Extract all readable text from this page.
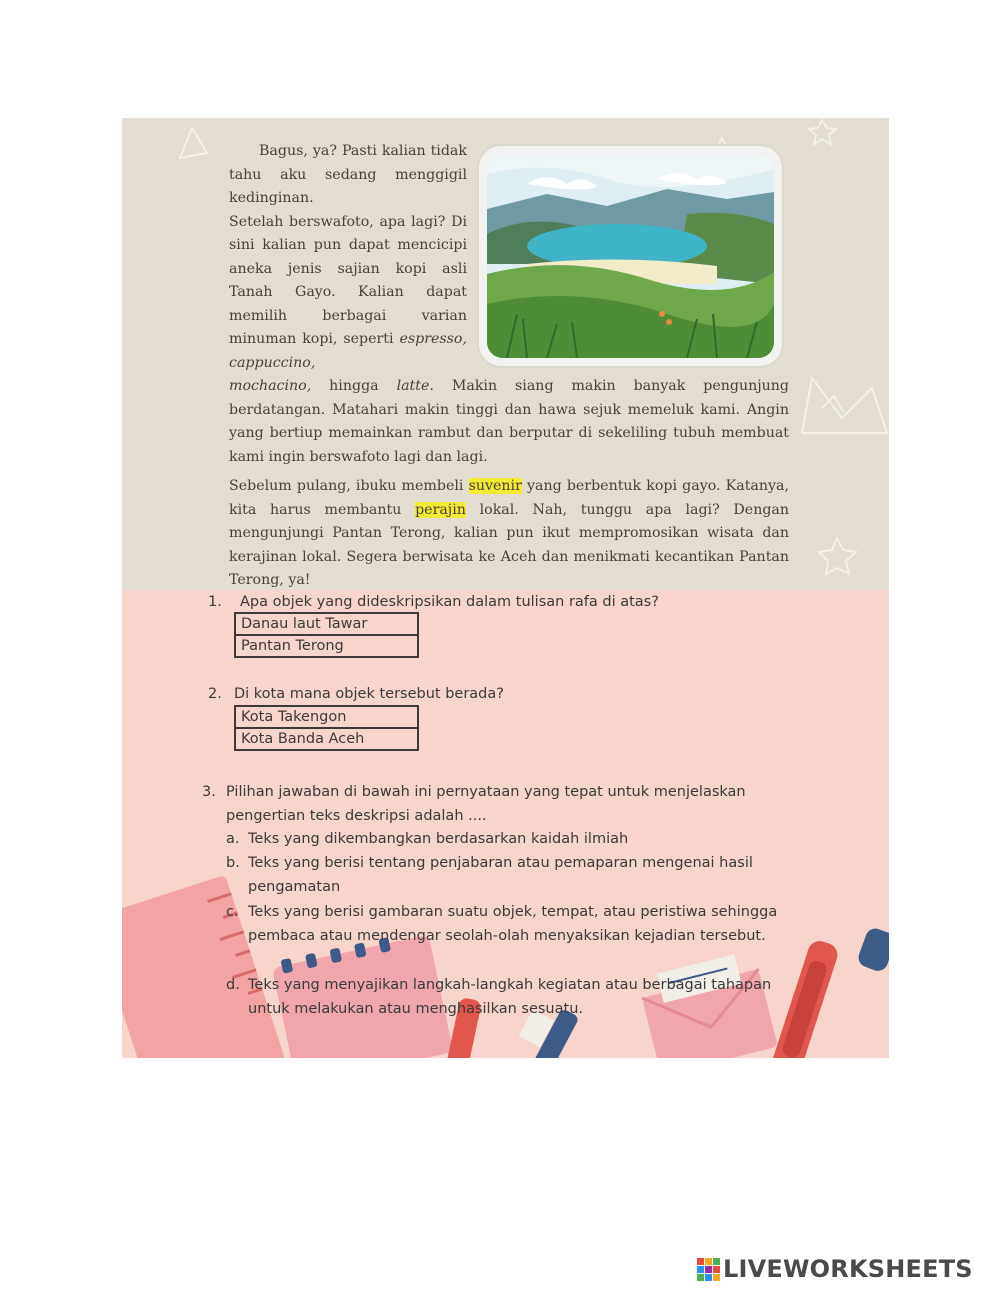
Bagus, ya? Pasti kalian tidak tahu aku sedang menggigil kedinginan.

Setelah berswafoto, apa lagi? Di sini kalian pun dapat mencicipi aneka jenis sajian kopi asli Tanah Gayo. Kalian dapat memilih berbagai varian minuman kopi, seperti espresso, cappuccino,
mochacino, hingga latte. Makin siang makin banyak pengunjung berdatangan. Matahari makin tinggi dan hawa sejuk memeluk kami. Angin yang bertiup memainkan rambut dan berputar di sekeliling tubuh membuat kami ingin berswafoto lagi dan lagi.

Sebelum pulang, ibuku membeli suvenir yang berbentuk kopi gayo. Katanya, kita harus membantu perajin lokal. Nah, tunggu apa lagi? Dengan mengunjungi Pantan Terong, kalian pun ikut mempromosikan wisata dan kerajinan lokal. Segera berwisata ke Aceh dan menikmati kecantikan Pantan Terong, ya!

1. Apa objek yang dideskripsikan dalam tulisan rafa di atas?
Danau laut Tawar
Pantan Terong
2. Di kota mana objek tersebut berada?
Kota Takengon
Kota Banda Aceh
3. Pilihan jawaban di bawah ini pernyataan yang tepat untuk menjelaskan
pengertian teks deskripsi adalah ....
a. Teks yang dikembangkan berdasarkan kaidah ilmiah
b. Teks yang berisi tentang penjabaran atau pemaparan mengenai hasil pengamatan
c. Teks yang berisi gambaran suatu objek, tempat, atau peristiwa sehingga pembaca atau mendengar seolah-olah menyaksikan kejadian tersebut.
d. Teks yang menyajikan langkah-langkah kegiatan atau berbagai tahapan untuk melakukan atau menghasilkan sesuatu.
LIVEWORKSHEETS
